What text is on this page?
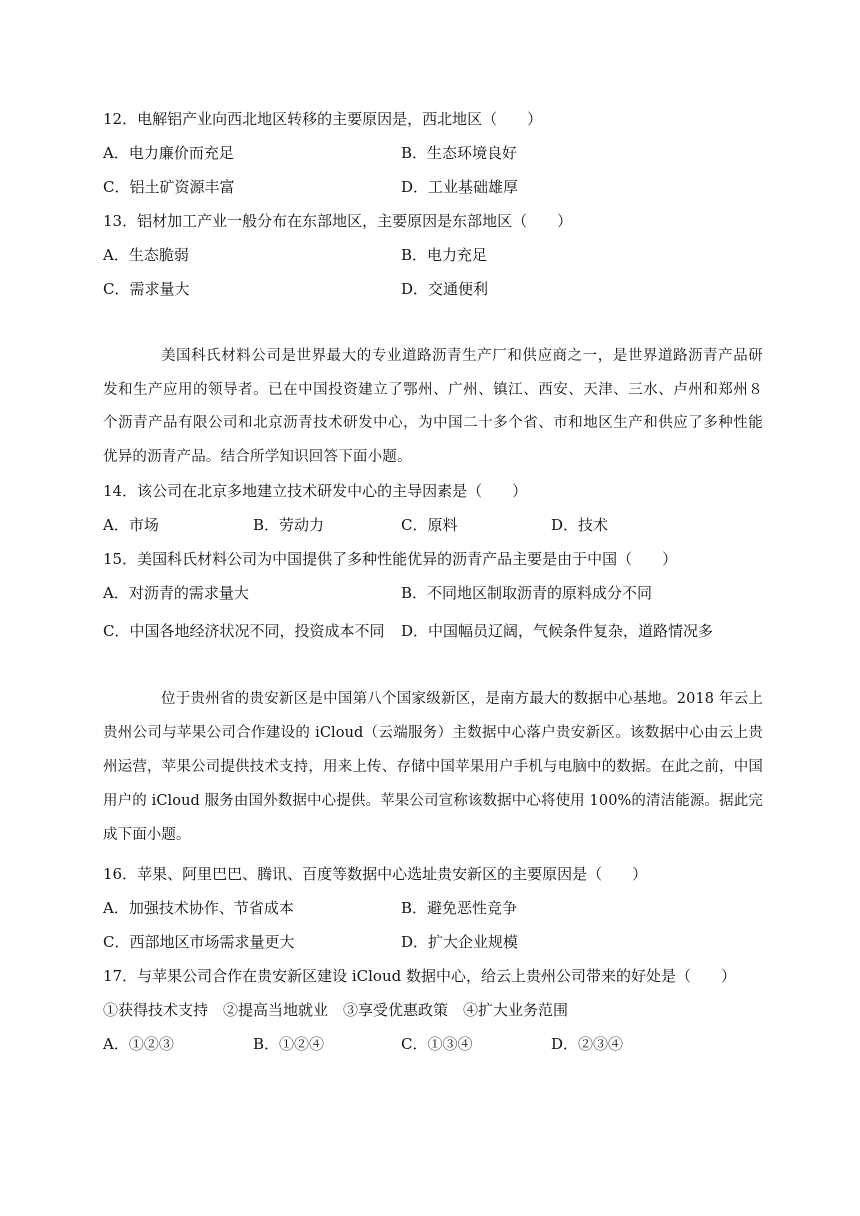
12．电解铝产业向西北地区转移的主要原因是，西北地区（　　）
A．电力廉价而充足	B．生态环境良好
C．铝土矿资源丰富	D．工业基础雄厚
13．铝材加工产业一般分布在东部地区，主要原因是东部地区（　　）
A．生态脆弱	B．电力充足
C．需求量大	D．交通便利

美国科氏材料公司是世界最大的专业道路沥青生产厂和供应商之一，是世界道路沥青产品研发和生产应用的领导者。已在中国投资建立了鄂州、广州、镇江、西安、天津、三水、卢州和郑州８个沥青产品有限公司和北京沥青技术研发中心，为中国二十多个省、市和地区生产和供应了多种性能优异的沥青产品。结合所学知识回答下面小题。

14．该公司在北京多地建立技术研发中心的主导因素是（　　）
A．市场	B．劳动力	C．原料	D．技术
15．美国科氏材料公司为中国提供了多种性能优异的沥青产品主要是由于中国（　　）
A．对沥青的需求量大	B．不同地区制取沥青的原料成分不同
C．中国各地经济状况不同，投资成本不同 D．中国幅员辽阔，气候条件复杂，道路情况多

位于贵州省的贵安新区是中国第八个国家级新区，是南方最大的数据中心基地。2018 年云上贵州公司与苹果公司合作建设的 iCloud（云端服务）主数据中心落户贵安新区。该数据中心由云上贵州运营，苹果公司提供技术支持，用来上传、存储中国苹果用户手机与电脑中的数据。在此之前，中国用户的 iCloud 服务由国外数据中心提供。苹果公司宣称该数据中心将使用 100%的清洁能源。据此完成下面小题。

16．苹果、阿里巴巴、腾讯、百度等数据中心选址贵安新区的主要原因是（　　）
A．加强技术协作、节省成本	B．避免恶性竞争
C．西部地区市场需求量更大	D．扩大企业规模
17．与苹果公司合作在贵安新区建设 iCloud 数据中心，给云上贵州公司带来的好处是（　　）
①获得技术支持　②提高当地就业　③享受优惠政策　④扩大业务范围
A．①②③	B．①②④	C．①③④	D．②③④
